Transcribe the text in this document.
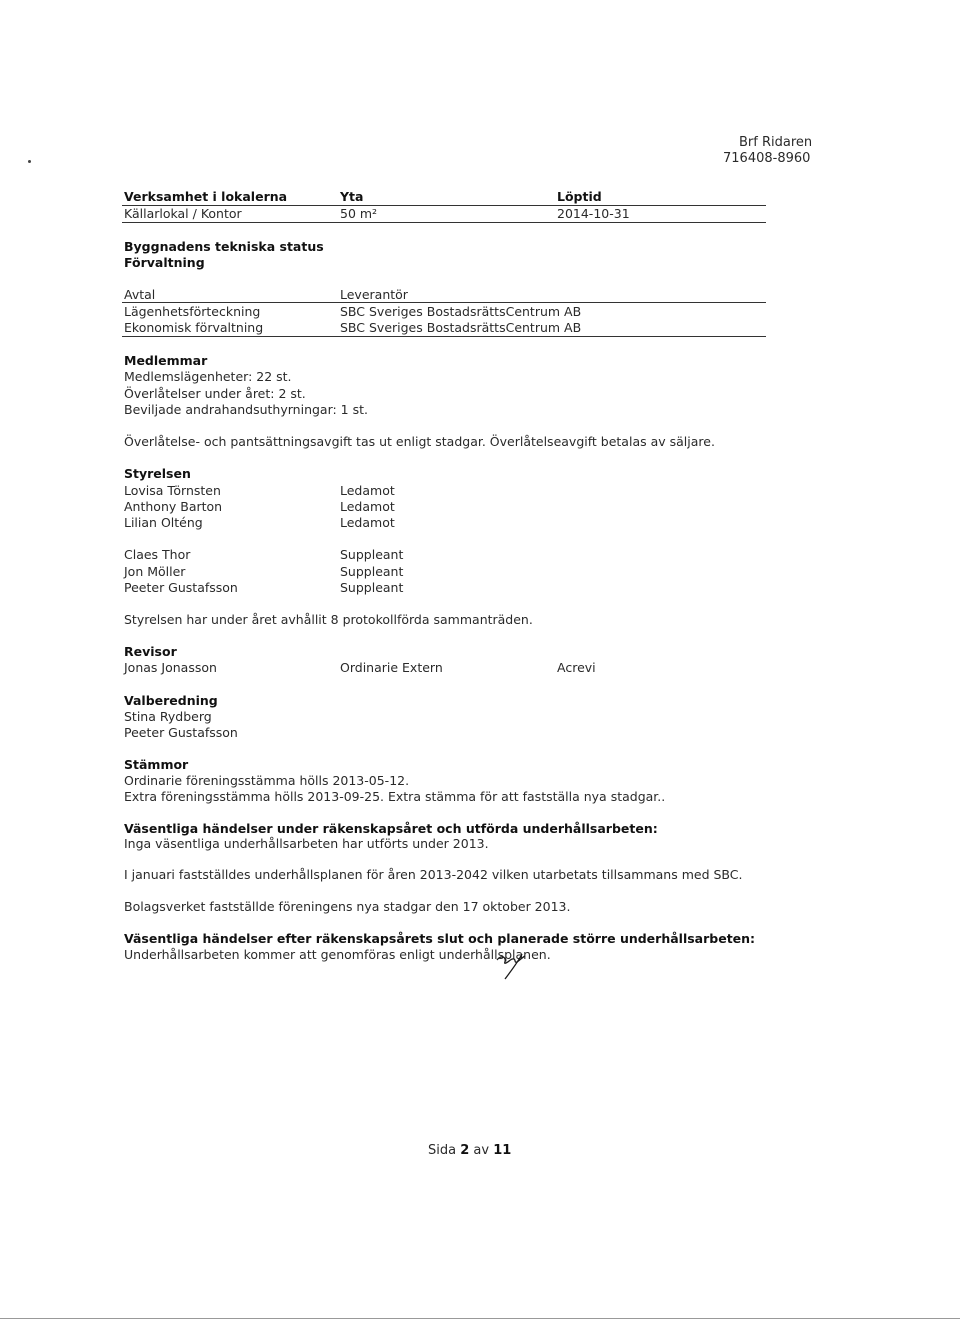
Brf Ridaren
716408-8960
Verksamhet i lokalerna	Yta	Löptid
Källarlokal / Kontor	50 m²	2014-10-31
Byggnadens tekniska status
Förvaltning
Avtal	Leverantör
Lägenhetsförteckning	SBC Sveriges BostadsrättsCentrum AB
Ekonomisk förvaltning	SBC Sveriges BostadsrättsCentrum AB
Medlemmar
Medlemslägenheter: 22 st.
Överlåtelser under året: 2 st.
Beviljade andrahandsuthyrningar: 1 st.
Överlåtelse- och pantsättningsavgift tas ut enligt stadgar. Överlåtelseavgift betalas av säljare.
Styrelsen
Lovisa Törnsten	Ledamot
Anthony Barton	Ledamot
Lilian Olténg	Ledamot
Claes Thor	Suppleant
Jon Möller	Suppleant
Peeter Gustafsson	Suppleant
Styrelsen har under året avhållit 8 protokollförda sammanträden.
Revisor
Jonas Jonasson	Ordinarie Extern	Acrevi
Valberedning
Stina Rydberg
Peeter Gustafsson
Stämmor
Ordinarie föreningsstämma hölls 2013-05-12.
Extra föreningsstämma hölls 2013-09-25. Extra stämma för att fastställa nya stadgar..
Väsentliga händelser under räkenskapsåret och utförda underhållsarbeten:
Inga väsentliga underhållsarbeten har utförts under 2013.
I januari fastställdes underhållsplanen för åren 2013-2042 vilken utarbetats tillsammans med SBC.
Bolagsverket fastställde föreningens nya stadgar den 17 oktober 2013.
Väsentliga händelser efter räkenskapsårets slut och planerade större underhållsarbeten:
Underhållsarbeten kommer att genomföras enligt underhållsplanen.
Sida 2 av 11
